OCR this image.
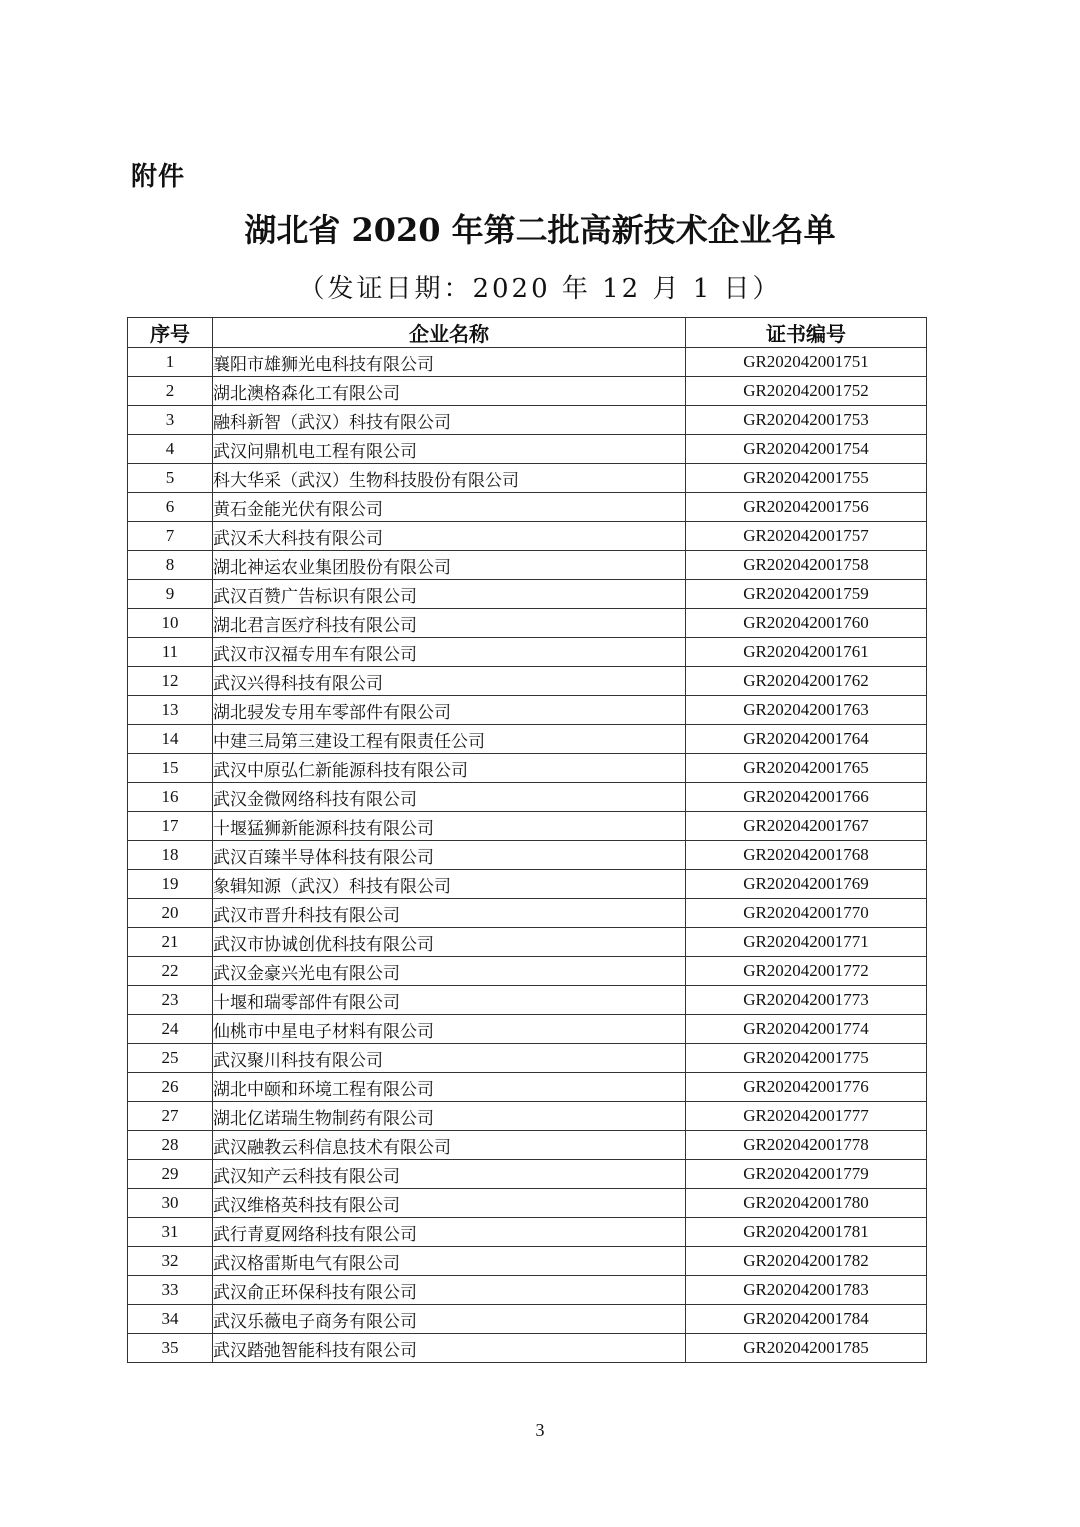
附件
湖北省 2020 年第二批高新技术企业名单
（发证日期：2020 年 12 月 1 日）
序号	企业名称	证书编号
1	襄阳市雄狮光电科技有限公司	GR202042001751
2	湖北澳格森化工有限公司	GR202042001752
3	融科新智（武汉）科技有限公司	GR202042001753
4	武汉问鼎机电工程有限公司	GR202042001754
5	科大华采（武汉）生物科技股份有限公司	GR202042001755
6	黄石金能光伏有限公司	GR202042001756
7	武汉禾大科技有限公司	GR202042001757
8	湖北神运农业集团股份有限公司	GR202042001758
9	武汉百赞广告标识有限公司	GR202042001759
10	湖北君言医疗科技有限公司	GR202042001760
11	武汉市汉福专用车有限公司	GR202042001761
12	武汉兴得科技有限公司	GR202042001762
13	湖北骎发专用车零部件有限公司	GR202042001763
14	中建三局第三建设工程有限责任公司	GR202042001764
15	武汉中原弘仁新能源科技有限公司	GR202042001765
16	武汉金微网络科技有限公司	GR202042001766
17	十堰猛狮新能源科技有限公司	GR202042001767
18	武汉百臻半导体科技有限公司	GR202042001768
19	象辑知源（武汉）科技有限公司	GR202042001769
20	武汉市晋升科技有限公司	GR202042001770
21	武汉市协诚创优科技有限公司	GR202042001771
22	武汉金豪兴光电有限公司	GR202042001772
23	十堰和瑞零部件有限公司	GR202042001773
24	仙桃市中星电子材料有限公司	GR202042001774
25	武汉聚川科技有限公司	GR202042001775
26	湖北中颐和环境工程有限公司	GR202042001776
27	湖北亿诺瑞生物制药有限公司	GR202042001777
28	武汉融教云科信息技术有限公司	GR202042001778
29	武汉知产云科技有限公司	GR202042001779
30	武汉维格英科技有限公司	GR202042001780
31	武行青夏网络科技有限公司	GR202042001781
32	武汉格雷斯电气有限公司	GR202042001782
33	武汉俞正环保科技有限公司	GR202042001783
34	武汉乐薇电子商务有限公司	GR202042001784
35	武汉踏弛智能科技有限公司	GR202042001785
3
